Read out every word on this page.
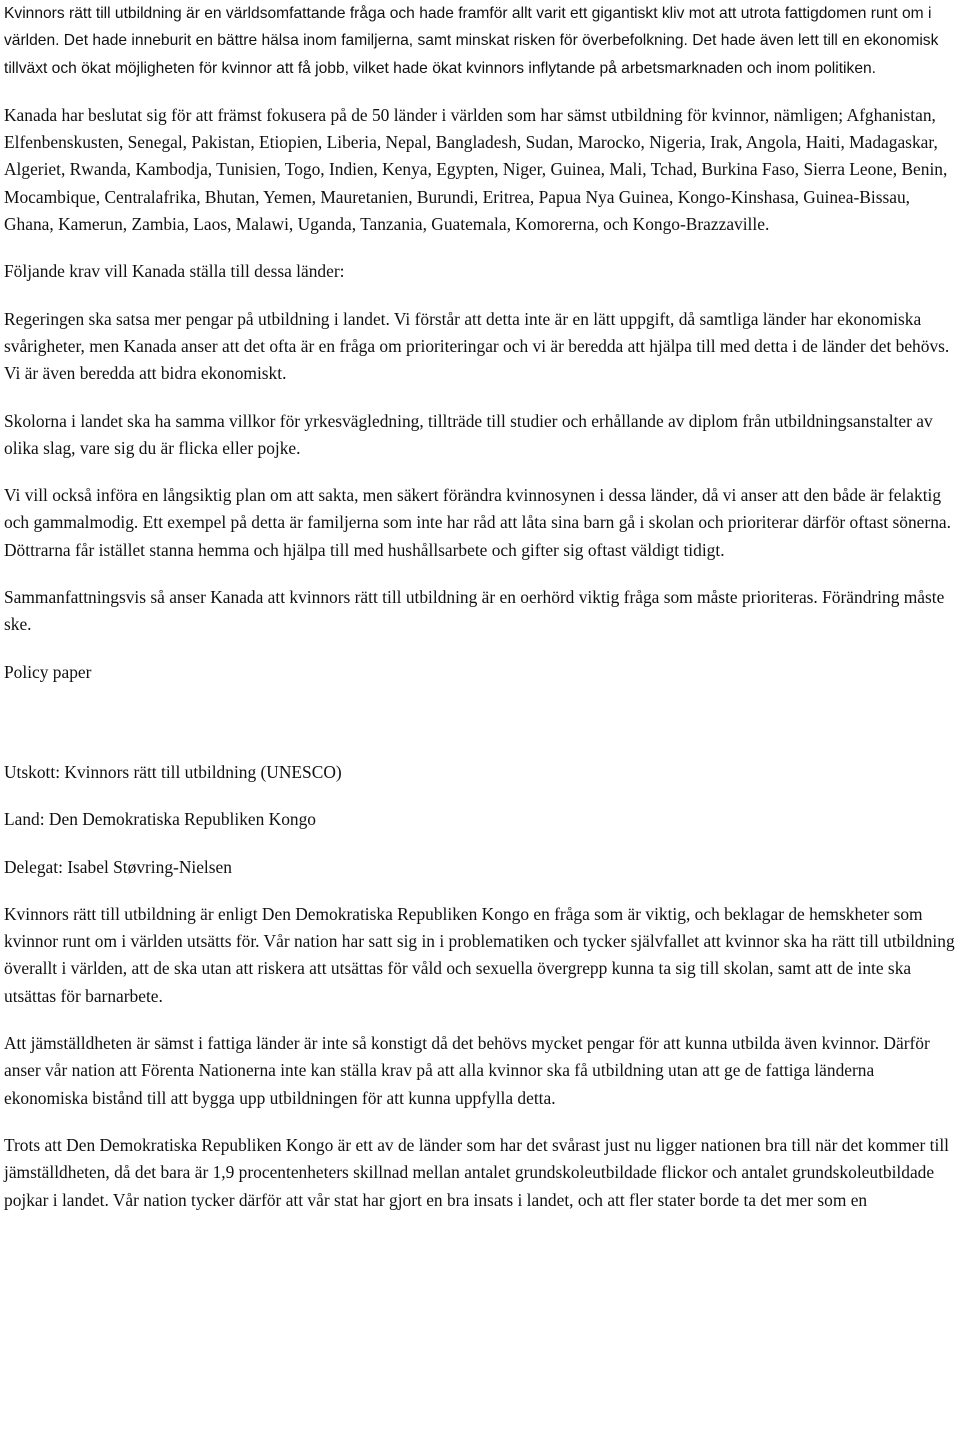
Kvinnors rätt till utbildning är en världsomfattande fråga och hade framför allt varit ett gigantiskt kliv mot att utrota fattigdomen runt om i världen. Det hade inneburit en bättre hälsa inom familjerna, samt minskat risken för överbefolkning. Det hade även lett till en ekonomisk tillväxt och ökat möjligheten för kvinnor att få jobb, vilket hade ökat kvinnors inflytande på arbetsmarknaden och inom politiken.

Kanada har beslutat sig för att främst fokusera på de 50 länder i världen som har sämst utbildning för kvinnor, nämligen; Afghanistan, Elfenbenskusten, Senegal, Pakistan, Etiopien, Liberia, Nepal, Bangladesh, Sudan, Marocko, Nigeria, Irak, Angola, Haiti, Madagaskar, Algeriet, Rwanda, Kambodja, Tunisien, Togo, Indien, Kenya, Egypten, Niger, Guinea, Mali, Tchad, Burkina Faso, Sierra Leone, Benin, Mocambique, Centralafrika, Bhutan, Yemen, Mauretanien, Burundi, Eritrea, Papua Nya Guinea, Kongo-Kinshasa, Guinea-Bissau, Ghana, Kamerun, Zambia, Laos, Malawi, Uganda, Tanzania, Guatemala, Komorerna, och Kongo-Brazzaville.

Följande krav vill Kanada ställa till dessa länder:

Regeringen ska satsa mer pengar på utbildning i landet. Vi förstår att detta inte är en lätt uppgift, då samtliga länder har ekonomiska svårigheter, men Kanada anser att det ofta är en fråga om prioriteringar och vi är beredda att hjälpa till med detta i de länder det behövs. Vi är även beredda att bidra ekonomiskt.

Skolorna i landet ska ha samma villkor för yrkesvägledning, tillträde till studier och erhållande av diplom från utbildningsanstalter av olika slag, vare sig du är flicka eller pojke.

Vi vill också införa en långsiktig plan om att sakta, men säkert förändra kvinnosynen i dessa länder, då vi anser att den både är felaktig och gammalmodig. Ett exempel på detta är familjerna som inte har råd att låta sina barn gå i skolan och prioriterar därför oftast sönerna. Döttrarna får istället stanna hemma och hjälpa till med hushållsarbete och gifter sig oftast väldigt tidigt.

Sammanfattningsvis så anser Kanada att kvinnors rätt till utbildning är en oerhörd viktig fråga som måste prioriteras. Förändring måste ske.

Policy paper

Utskott: Kvinnors rätt till utbildning (UNESCO)

Land: Den Demokratiska Republiken Kongo

Delegat: Isabel Støvring-Nielsen

Kvinnors rätt till utbildning är enligt Den Demokratiska Republiken Kongo en fråga som är viktig, och beklagar de hemskheter som kvinnor runt om i världen utsätts för. Vår nation har satt sig in i problematiken och tycker självfallet att kvinnor ska ha rätt till utbildning överallt i världen, att de ska utan att riskera att utsättas för våld och sexuella övergrepp kunna ta sig till skolan, samt att de inte ska utsättas för barnarbete.

Att jämställdheten är sämst i fattiga länder är inte så konstigt då det behövs mycket pengar för att kunna utbilda även kvinnor. Därför anser vår nation att Förenta Nationerna inte kan ställa krav på att alla kvinnor ska få utbildning utan att ge de fattiga länderna ekonomiska bistånd till att bygga upp utbildningen för att kunna uppfylla detta.

Trots att Den Demokratiska Republiken Kongo är ett av de länder som har det svårast just nu ligger nationen bra till när det kommer till jämställdheten, då det bara är 1,9 procentenheters skillnad mellan antalet grundskoleutbildade flickor och antalet grundskoleutbildade pojkar i landet. Vår nation tycker därför att vår stat har gjort en bra insats i landet, och att fler stater borde ta det mer som en
